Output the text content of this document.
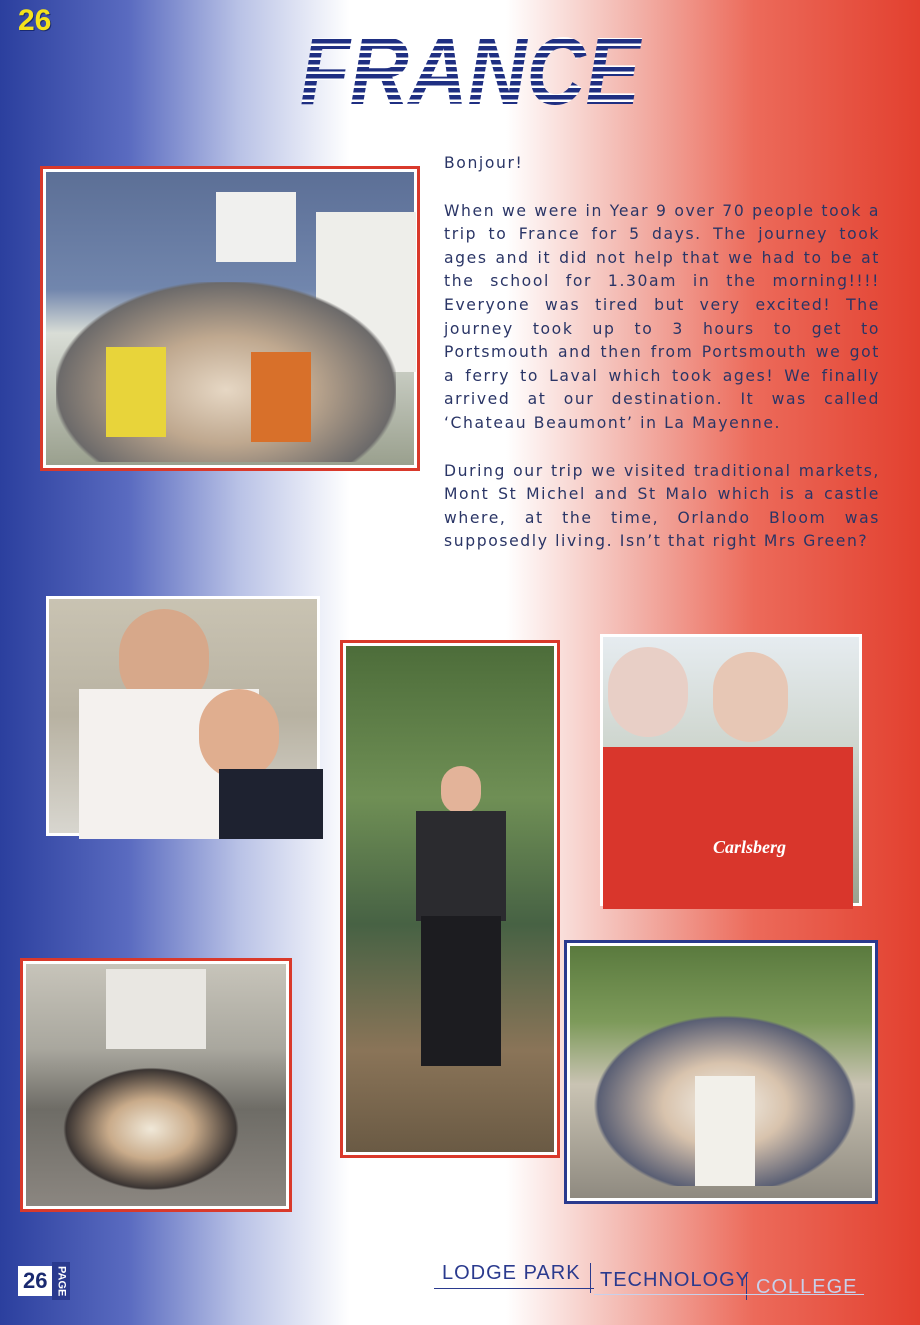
26	FRANCE

Bonjour!

When we were in Year 9 over 70 people took a trip to France for 5 days. The journey took ages and it did not help that we had to be at the school for 1.30am in the morning!!!! Everyone was tired but very excited! The journey took up to 3 hours to get to Portsmouth and then from Portsmouth we got a ferry to Laval which took ages! We finally arrived at our destination. It was called ‘Chateau Beaumont’ in La Mayenne.

During our trip we visited traditional markets, Mont St Michel and St Malo which is a castle where, at the time, Orlando Bloom was supposedly living. Isn’t that right Mrs Green?

Carlsberg
26 PAGE	LODGE PARK TECHNOLOGY COLLEGE
